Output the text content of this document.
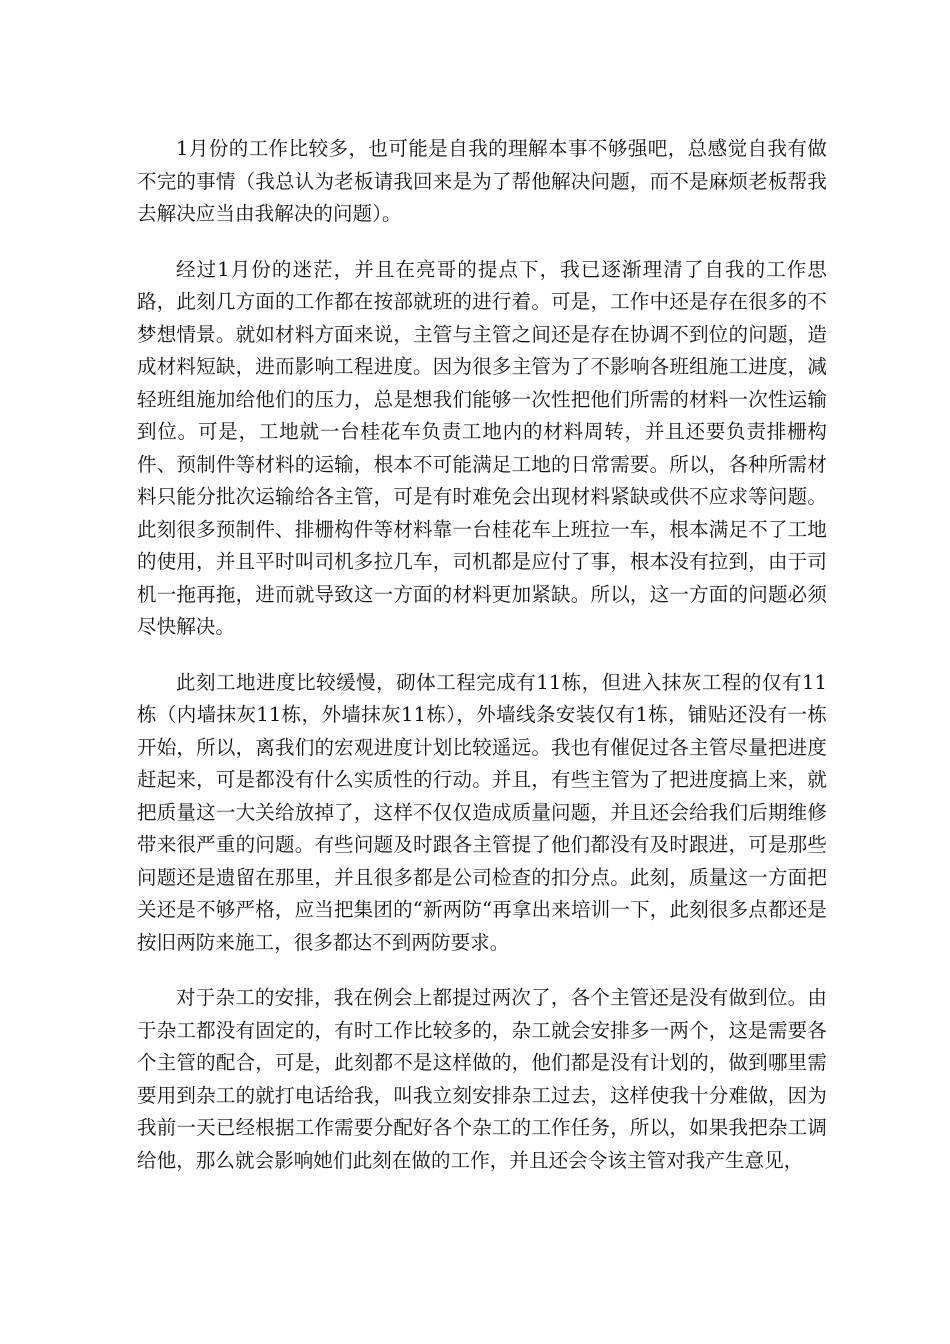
1月份的工作比较多，也可能是自我的理解本事不够强吧，总感觉自我有做不完的事情（我总认为老板请我回来是为了帮他解决问题，而不是麻烦老板帮我去解决应当由我解决的问题）。

经过1月份的迷茫，并且在亮哥的提点下，我已逐渐理清了自我的工作思路，此刻几方面的工作都在按部就班的进行着。可是，工作中还是存在很多的不梦想情景。就如材料方面来说，主管与主管之间还是存在协调不到位的问题，造成材料短缺，进而影响工程进度。因为很多主管为了不影响各班组施工进度，减轻班组施加给他们的压力，总是想我们能够一次性把他们所需的材料一次性运输到位。可是，工地就一台桂花车负责工地内的材料周转，并且还要负责排栅构件、预制件等材料的运输，根本不可能满足工地的日常需要。所以，各种所需材料只能分批次运输给各主管，可是有时难免会出现材料紧缺或供不应求等问题。此刻很多预制件、排栅构件等材料靠一台桂花车上班拉一车，根本满足不了工地的使用，并且平时叫司机多拉几车，司机都是应付了事，根本没有拉到，由于司机一拖再拖，进而就导致这一方面的材料更加紧缺。所以，这一方面的问题必须尽快解决。

此刻工地进度比较缓慢，砌体工程完成有11栋，但进入抹灰工程的仅有11栋（内墙抹灰11栋，外墙抹灰11栋），外墙线条安装仅有1栋，铺贴还没有一栋开始，所以，离我们的宏观进度计划比较遥远。我也有催促过各主管尽量把进度赶起来，可是都没有什么实质性的行动。并且，有些主管为了把进度搞上来，就把质量这一大关给放掉了，这样不仅仅造成质量问题，并且还会给我们后期维修带来很严重的问题。有些问题及时跟各主管提了他们都没有及时跟进，可是那些问题还是遗留在那里，并且很多都是公司检查的扣分点。此刻，质量这一方面把关还是不够严格，应当把集团的“新两防“再拿出来培训一下，此刻很多点都还是按旧两防来施工，很多都达不到两防要求。

对于杂工的安排，我在例会上都提过两次了，各个主管还是没有做到位。由于杂工都没有固定的，有时工作比较多的，杂工就会安排多一两个，这是需要各个主管的配合，可是，此刻都不是这样做的，他们都是没有计划的，做到哪里需要用到杂工的就打电话给我，叫我立刻安排杂工过去，这样使我十分难做，因为我前一天已经根据工作需要分配好各个杂工的工作任务，所以，如果我把杂工调给他，那么就会影响她们此刻在做的工作，并且还会令该主管对我产生意见，
